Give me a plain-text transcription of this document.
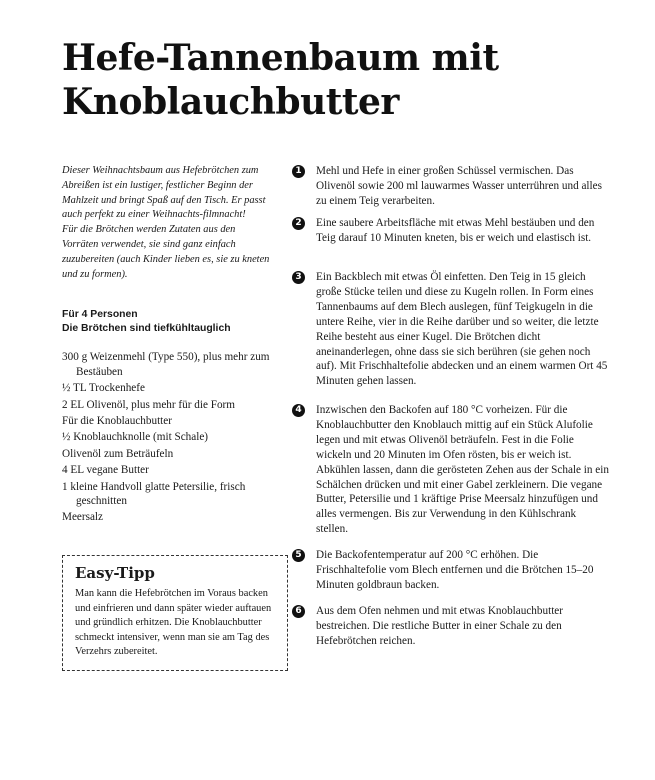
Hefe-Tannenbaum mit Knoblauchbutter

Dieser Weihnachtsbaum aus Hefebrötchen zum Abreißen ist ein lustiger, festlicher Beginn der Mahlzeit und bringt Spaß auf den Tisch. Er passt auch perfekt zu einer Weihnachts-filmnacht!

Für die Brötchen werden Zutaten aus den Vorräten verwendet, sie sind ganz einfach zuzubereiten (auch Kinder lieben es, sie zu kneten und zu formen).

Für 4 Personen
Die Brötchen sind tiefkühltauglich
300 g Weizenmehl (Type 550), plus mehr zum Bestäuben
½ TL Trockenhefe
2 EL Olivenöl, plus mehr für die Form
Für die Knoblauchbutter
½ Knoblauchknolle (mit Schale)
Olivenöl zum Beträufeln
4 EL vegane Butter
1 kleine Handvoll glatte Petersilie, frisch geschnitten
Meersalz
Easy-Tipp

Man kann die Hefebrötchen im Voraus backen und einfrieren und dann später wieder auftauen und gründlich erhitzen. Die Knoblauchbutter schmeckt intensiver, wenn man sie am Tag des Verzehrs zubereitet.

1	Mehl und Hefe in einer großen Schüssel vermischen. Das Olivenöl sowie 200 ml lauwarmes Wasser unterrühren und alles zu einem Teig verarbeiten.

2	Eine saubere Arbeitsfläche mit etwas Mehl bestäuben und den Teig darauf 10 Minuten kneten, bis er weich und elastisch ist.

3	Ein Backblech mit etwas Öl einfetten. Den Teig in 15 gleich große Stücke teilen und diese zu Kugeln rollen. In Form eines Tannenbaums auf dem Blech auslegen, fünf Teigkugeln in die untere Reihe, vier in die Reihe darüber und so weiter, die letzte Reihe besteht aus einer Kugel. Die Brötchen dicht aneinanderlegen, ohne dass sie sich berühren (sie gehen noch auf). Mit Frischhaltefolie abdecken und an einem warmen Ort 45 Minuten gehen lassen.

4	Inzwischen den Backofen auf 180 °C vorheizen. Für die Knoblauchbutter den Knoblauch mittig auf ein Stück Alufolie legen und mit etwas Olivenöl beträufeln. Fest in die Folie wickeln und 20 Minuten im Ofen rösten, bis er weich ist. Abkühlen lassen, dann die gerösteten Zehen aus der Schale in ein Schälchen drücken und mit einer Gabel zerkleinern. Die vegane Butter, Petersilie und 1 kräftige Prise Meersalz hinzufügen und alles vermengen. Bis zur Verwendung in den Kühlschrank stellen.

5	Die Backofentemperatur auf 200 °C erhöhen. Die Frischhaltefolie vom Blech entfernen und die Brötchen 15–20 Minuten goldbraun backen.

6	Aus dem Ofen nehmen und mit etwas Knoblauchbutter bestreichen. Die restliche Butter in einer Schale zu den Hefebrötchen reichen.
